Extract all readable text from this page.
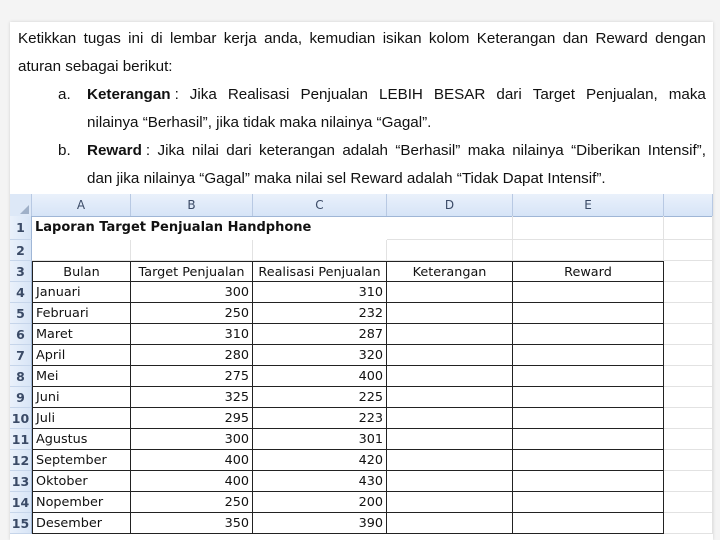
Ketikkan tugas ini di lembar kerja anda, kemudian isikan kolom Keterangan dan Reward dengan
aturan sebagai berikut:
a. Keterangan : Jika Realisasi Penjualan LEBIH BESAR dari Target Penjualan, maka
nilainya “Berhasil”, jika tidak maka nilainya “Gagal”.
b. Reward : Jika nilai dari keterangan adalah “Berhasil” maka nilainya “Diberikan Intensif”,
dan jika nilainya “Gagal” maka nilai sel Reward adalah “Tidak Dapat Intensif”.
A	B	C	D	E
1 Laporan Target Penjualan Handphone
2
3	Bulan	Target Penjualan	Realisasi Penjualan	Keterangan	Reward
4 Januari	300	310
5 Februari	250	232
6 Maret	310	287
7 April	280	320
8 Mei	275	400
9 Juni	325	225
10 Juli	295	223
11 Agustus	300	301
12 September	400	420
13 Oktober	400	430
14 Nopember	250	200
15 Desember	350	390
